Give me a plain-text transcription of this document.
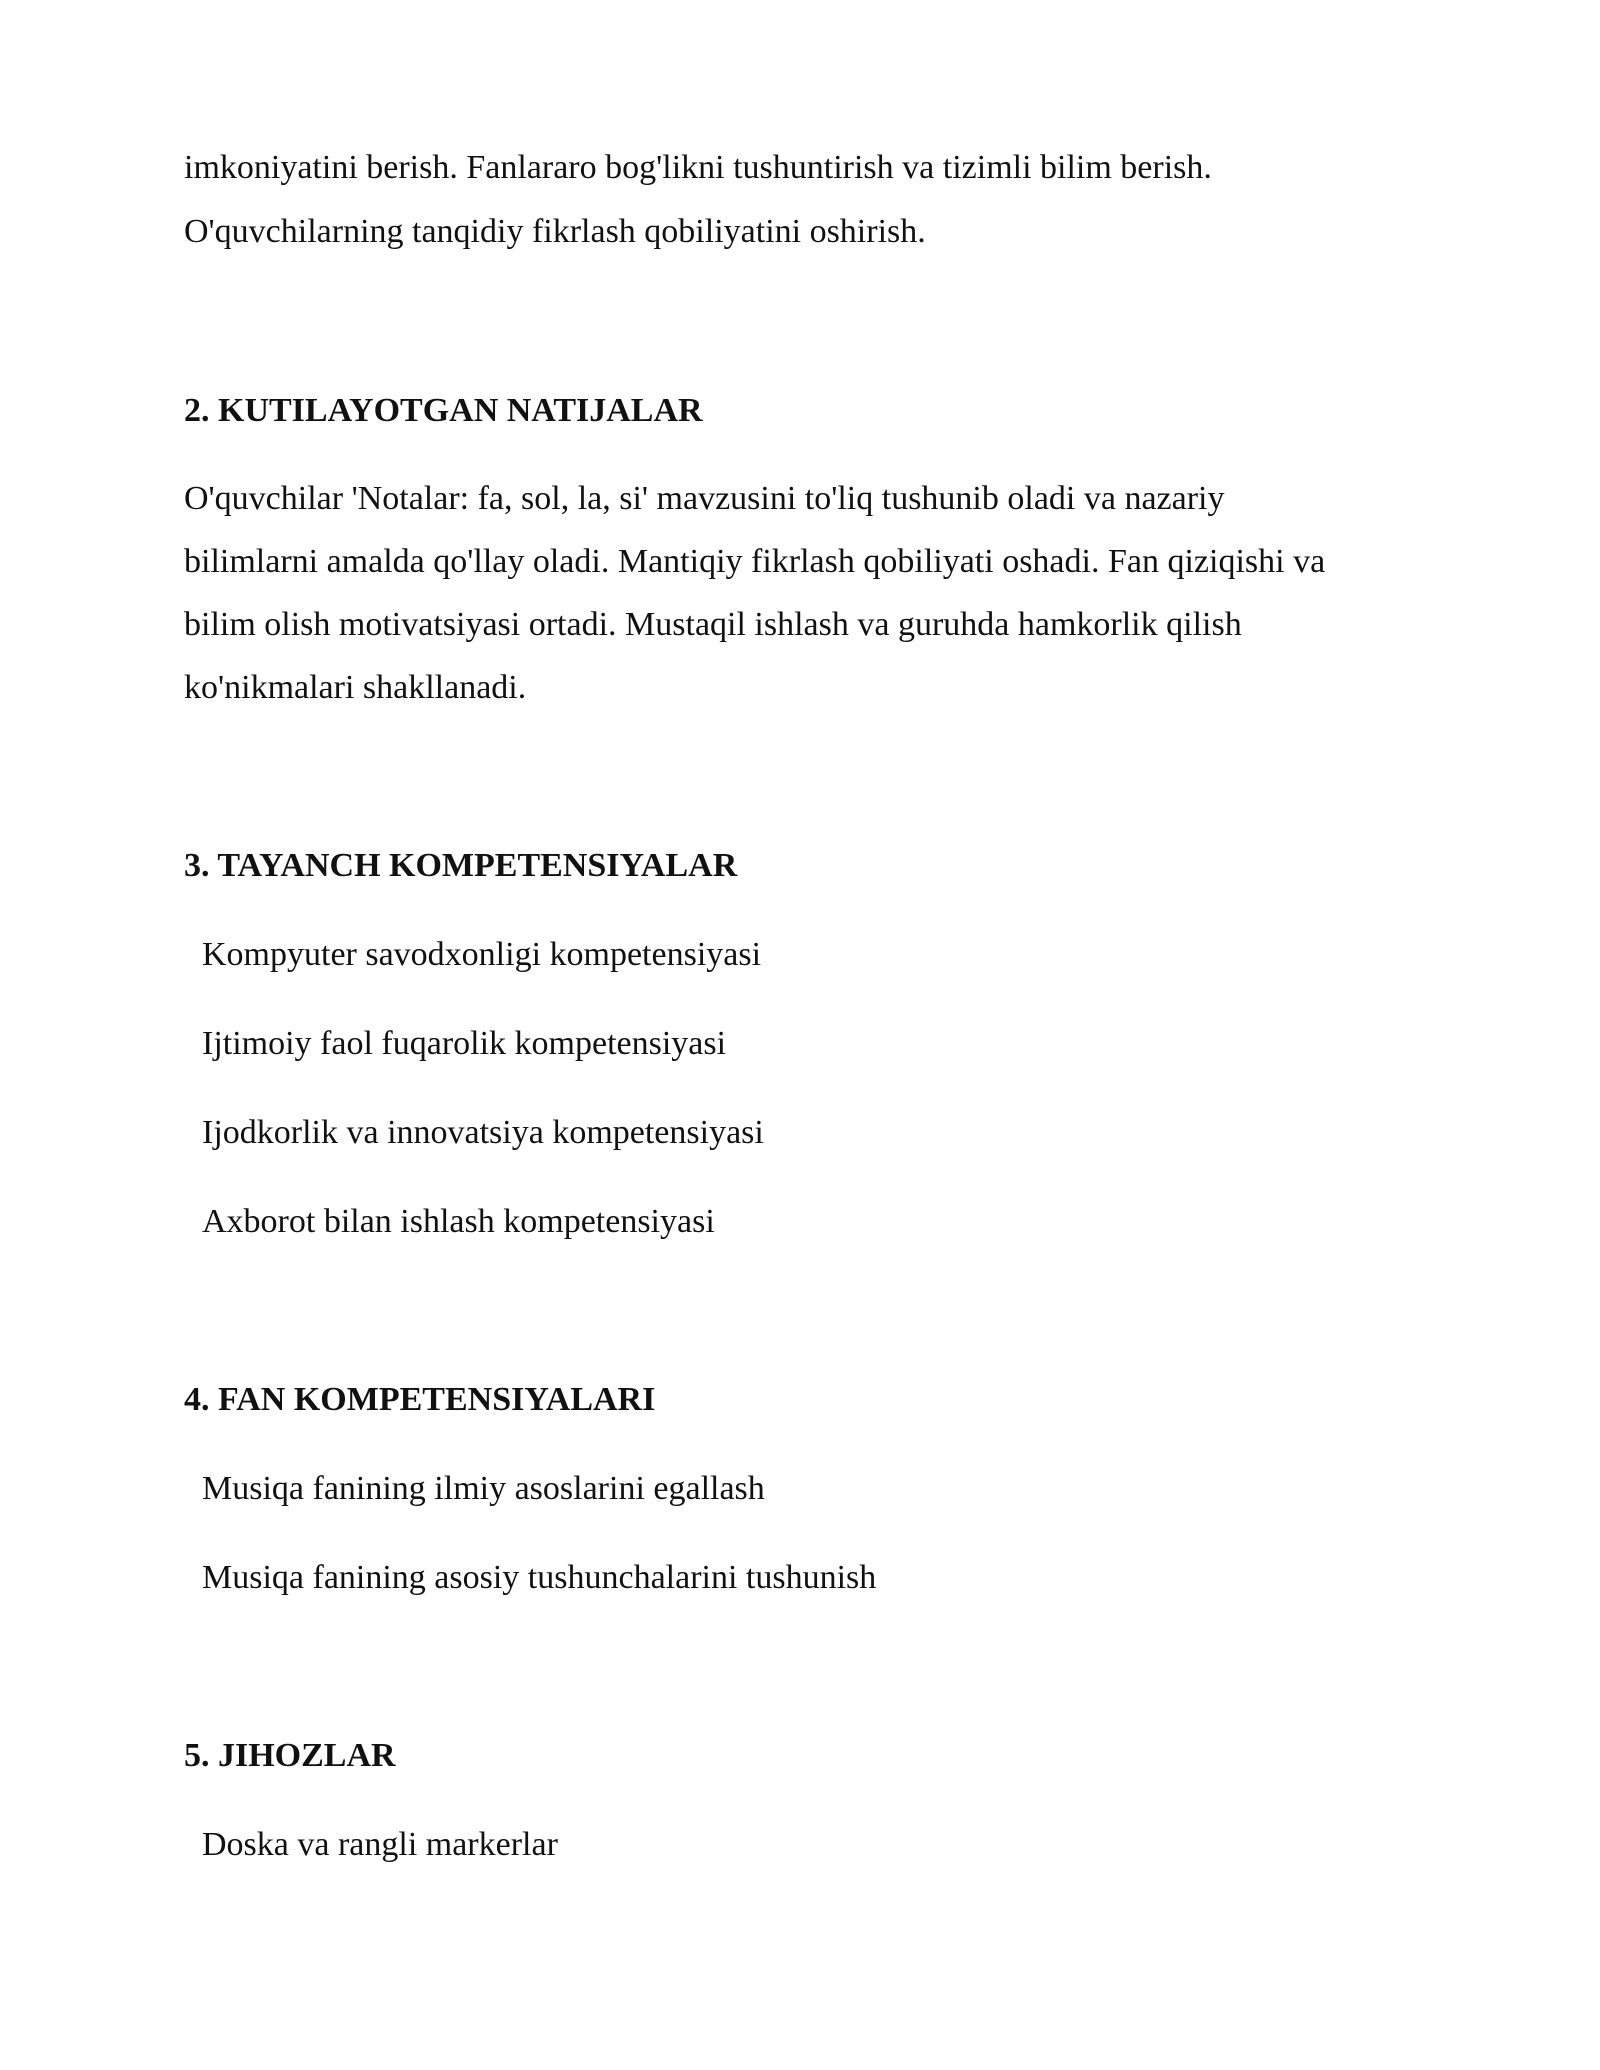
imkoniyatini berish. Fanlararo bog'likni tushuntirish va tizimli bilim berish.

O'quvchilarning tanqidiy fikrlash qobiliyatini oshirish.

2. KUTILAYOTGAN NATIJALAR

O'quvchilar 'Notalar: fa, sol, la, si' mavzusini to'liq tushunib oladi va nazariy

bilimlarni amalda qo'llay oladi. Mantiqiy fikrlash qobiliyati oshadi. Fan qiziqishi va

bilim olish motivatsiyasi ortadi. Mustaqil ishlash va guruhda hamkorlik qilish

ko'nikmalari shakllanadi.

3. TAYANCH KOMPETENSIYALAR

Kompyuter savodxonligi kompetensiyasi

Ijtimoiy faol fuqarolik kompetensiyasi

Ijodkorlik va innovatsiya kompetensiyasi

Axborot bilan ishlash kompetensiyasi

4. FAN KOMPETENSIYALARI

Musiqa fanining ilmiy asoslarini egallash

Musiqa fanining asosiy tushunchalarini tushunish

5. JIHOZLAR

Doska va rangli markerlar
